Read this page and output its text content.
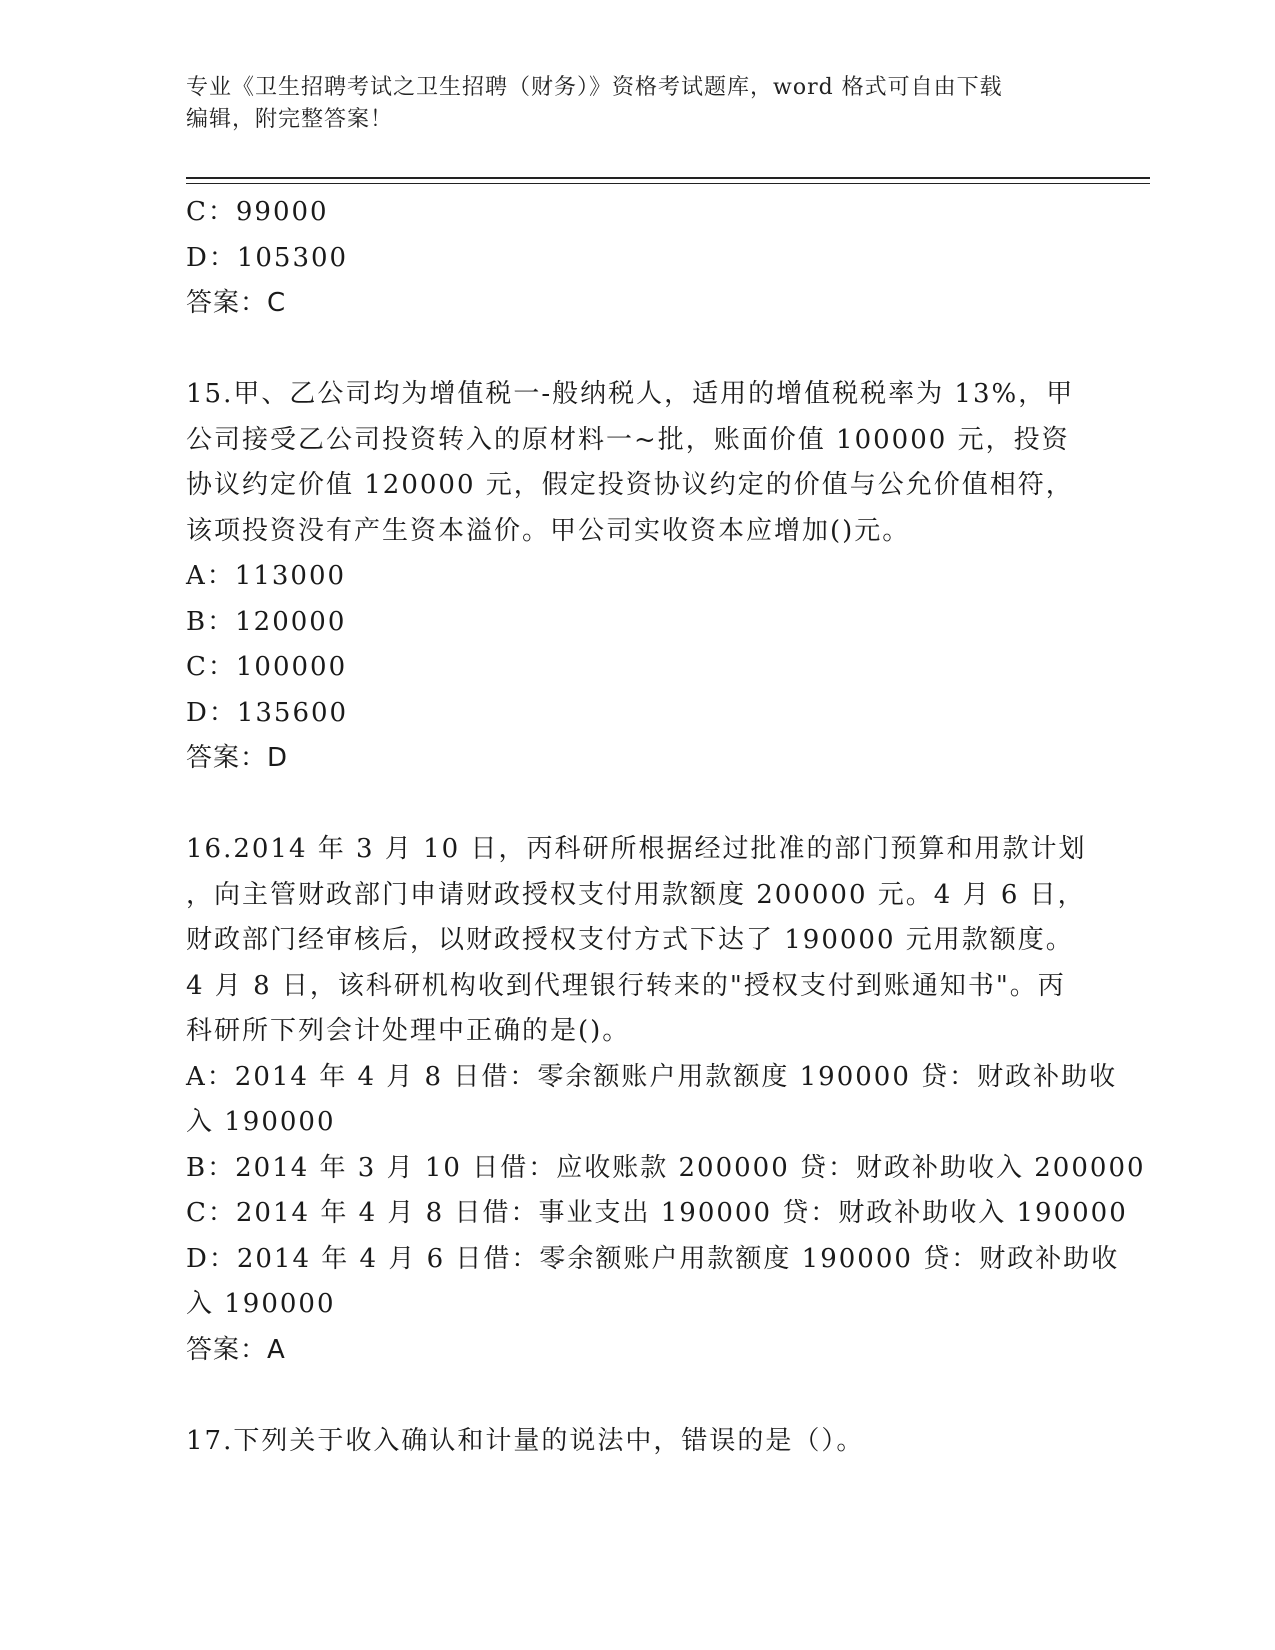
专业《卫生招聘考试之卫生招聘（财务）》资格考试题库，word 格式可自由下载
编辑，附完整答案！
C：99000
D：105300
答案：C
15.甲、乙公司均为增值税一-般纳税人，适用的增值税税率为 13%，甲
公司接受乙公司投资转入的原材料一~批，账面价值 100000 元，投资
协议约定价值 120000 元，假定投资协议约定的价值与公允价值相符，
该项投资没有产生资本溢价。甲公司实收资本应增加()元。
A：113000
B：120000
C：100000
D：135600
答案：D
16.2014 年 3 月 10 日，丙科研所根据经过批准的部门预算和用款计划
，向主管财政部门申请财政授权支付用款额度 200000 元。4 月 6 日，
财政部门经审核后，以财政授权支付方式下达了 190000 元用款额度。
4 月 8 日，该科研机构收到代理银行转来的"授权支付到账通知书"。丙
科研所下列会计处理中正确的是()。
A：2014 年 4 月 8 日借：零余额账户用款额度 190000 贷：财政补助收
入 190000
B：2014 年 3 月 10 日借：应收账款 200000 贷：财政补助收入 200000
C：2014 年 4 月 8 日借：事业支出 190000 贷：财政补助收入 190000
D：2014 年 4 月 6 日借：零余额账户用款额度 190000 贷：财政补助收
入 190000
答案：A
17.下列关于收入确认和计量的说法中，错误的是（）。
